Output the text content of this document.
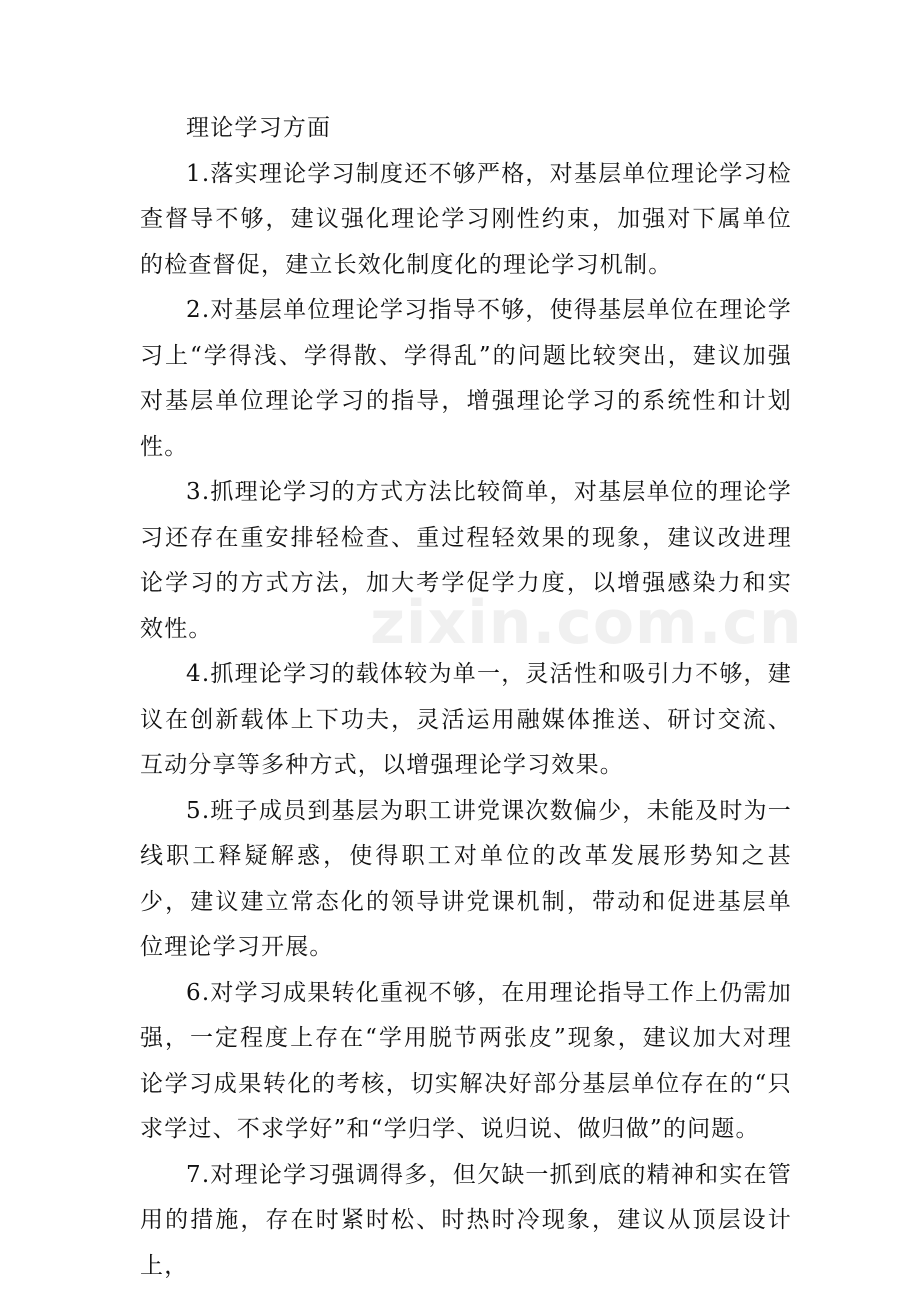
理论学习方面

1.落实理论学习制度还不够严格，对基层单位理论学习检查督导不够，建议强化理论学习刚性约束，加强对下属单位的检查督促，建立长效化制度化的理论学习机制。

2.对基层单位理论学习指导不够，使得基层单位在理论学习上“学得浅、学得散、学得乱”的问题比较突出，建议加强对基层单位理论学习的指导，增强理论学习的系统性和计划性。

3.抓理论学习的方式方法比较简单，对基层单位的理论学习还存在重安排轻检查、重过程轻效果的现象，建议改进理论学习的方式方法，加大考学促学力度，以增强感染力和实效性。

4.抓理论学习的载体较为单一，灵活性和吸引力不够，建议在创新载体上下功夫，灵活运用融媒体推送、研讨交流、互动分享等多种方式，以增强理论学习效果。

5.班子成员到基层为职工讲党课次数偏少，未能及时为一线职工释疑解惑，使得职工对单位的改革发展形势知之甚少，建议建立常态化的领导讲党课机制，带动和促进基层单位理论学习开展。

6.对学习成果转化重视不够，在用理论指导工作上仍需加强，一定程度上存在“学用脱节两张皮”现象，建议加大对理论学习成果转化的考核，切实解决好部分基层单位存在的“只求学过、不求学好”和“学归学、说归说、做归做”的问题。

7.对理论学习强调得多，但欠缺一抓到底的精神和实在管用的措施，存在时紧时松、时热时冷现象，建议从顶层设计上，

zixin.com.cn
